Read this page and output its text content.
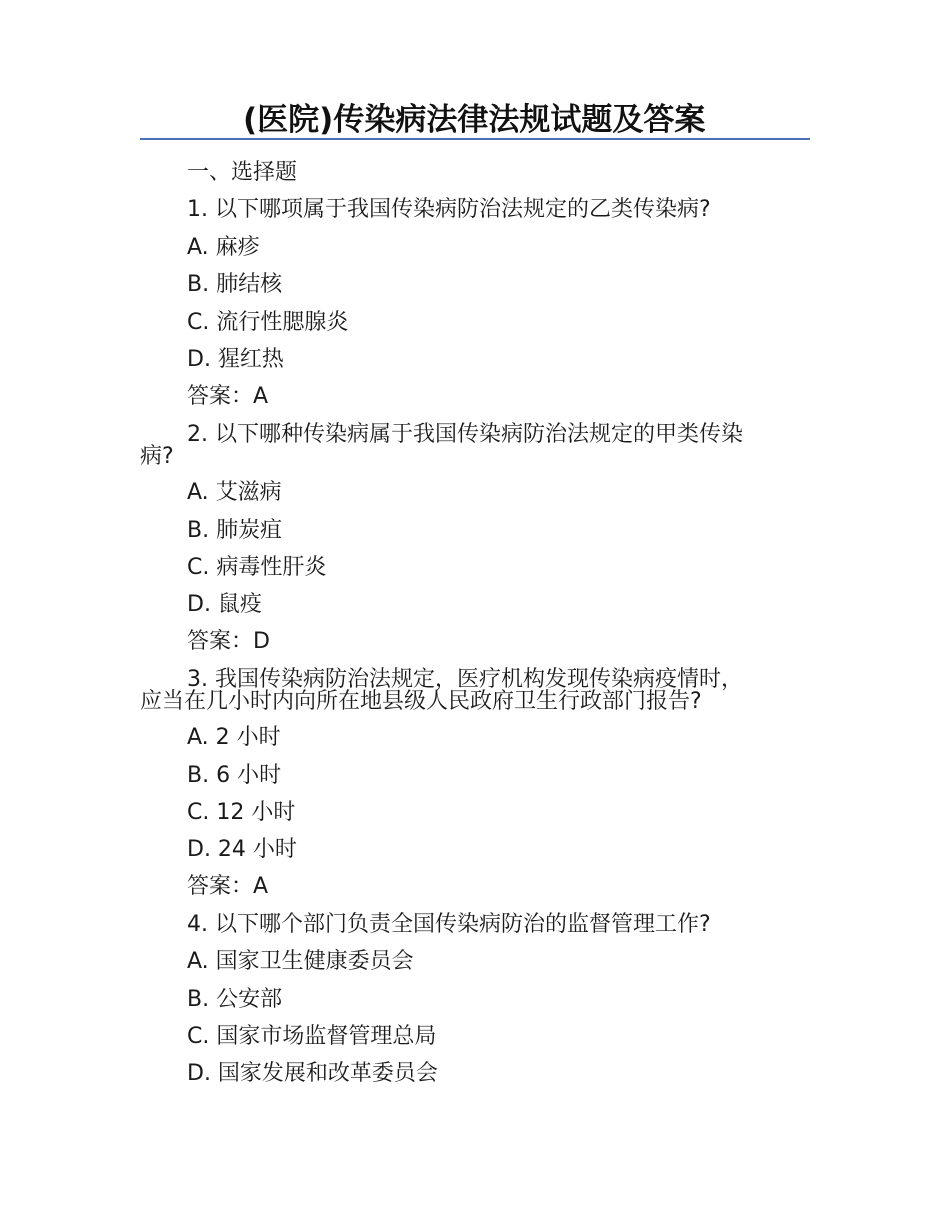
(医院)传染病法律法规试题及答案
一、选择题
1. 以下哪项属于我国传染病防治法规定的乙类传染病?
A. 麻疹
B. 肺结核
C. 流行性腮腺炎
D. 猩红热
答案：A
2. 以下哪种传染病属于我国传染病防治法规定的甲类传染
病?
A. 艾滋病
B. 肺炭疽
C. 病毒性肝炎
D. 鼠疫
答案：D
3. 我国传染病防治法规定，医疗机构发现传染病疫情时，
应当在几小时内向所在地县级人民政府卫生行政部门报告?
A. 2 小时
B. 6 小时
C. 12 小时
D. 24 小时
答案：A
4. 以下哪个部门负责全国传染病防治的监督管理工作?
A. 国家卫生健康委员会
B. 公安部
C. 国家市场监督管理总局
D. 国家发展和改革委员会
